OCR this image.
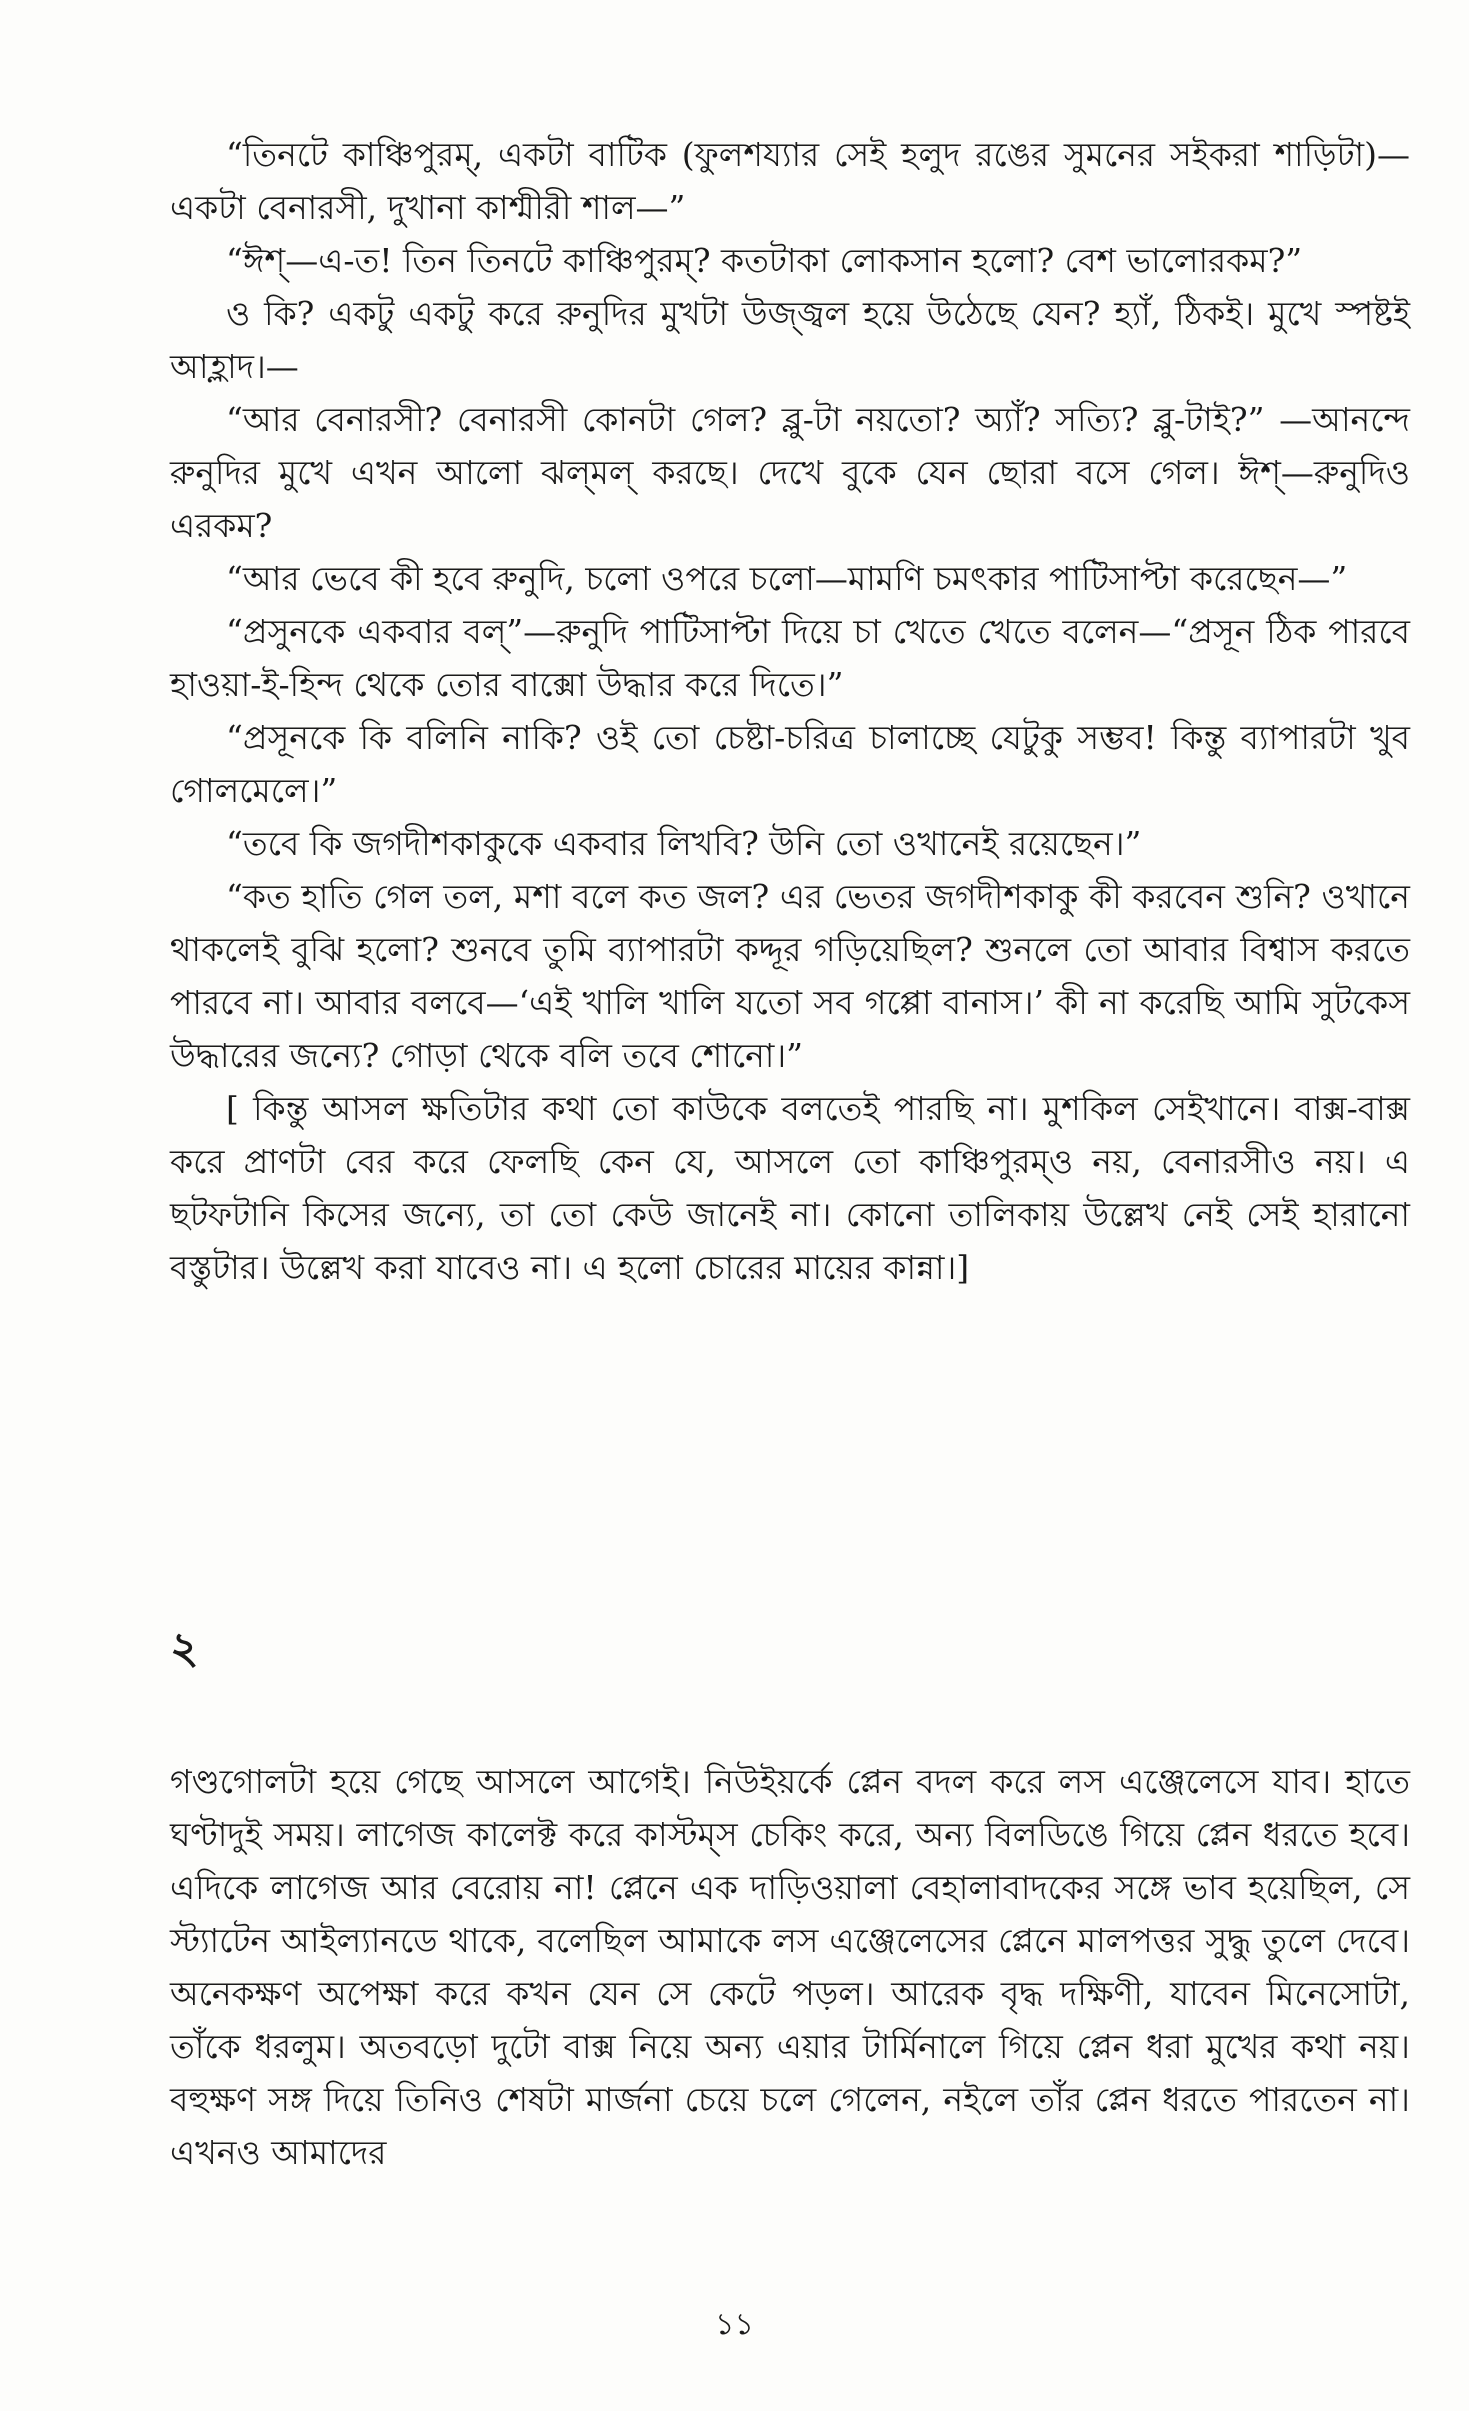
“তিনটে কাঞ্চিপুরম্‌, একটা বাটিক (ফুলশয্যার সেই হলুদ রঙের সুমনের সইকরা শাড়িটা)— একটা বেনারসী, দুখানা কাশ্মীরী শাল—”

“ঈশ্‌—এ-ত! তিন তিনটে কাঞ্চিপুরম্‌? কতটাকা লোকসান হলো? বেশ ভালোরকম?”

ও কি? একটু একটু করে রুনুদির মুখটা উজ্জ্বল হয়ে উঠেছে যেন? হ্যাঁ, ঠিকই। মুখে স্পষ্টই আহ্লাদ।—

“আর বেনারসী? বেনারসী কোনটা গেল? ব্লু-টা নয়তো? অ্যাঁ? সত্যি? ব্লু-টাই?” —আনন্দে রুনুদির মুখে এখন আলো ঝল্‌মল্‌ করছে। দেখে বুকে যেন ছোরা বসে গেল। ঈশ্‌—রুনুদিও এরকম?

“আর ভেবে কী হবে রুনুদি, চলো ওপরে চলো—মামণি চমৎকার পাটিসাপ্টা করেছেন—”

“প্রসুনকে একবার বল্‌”—রুনুদি পাটিসাপ্টা দিয়ে চা খেতে খেতে বলেন—“প্রসূন ঠিক পারবে হাওয়া-ই-হিন্দ থেকে তোর বাক্সো উদ্ধার করে দিতে।”

“প্রসূনকে কি বলিনি নাকি? ওই তো চেষ্টা-চরিত্র চালাচ্ছে যেটুকু সম্ভব! কিন্তু ব্যাপারটা খুব গোলমেলে।”

“তবে কি জগদীশকাকুকে একবার লিখবি? উনি তো ওখানেই রয়েছেন।”

“কত হাতি গেল তল, মশা বলে কত জল? এর ভেতর জগদীশকাকু কী করবেন শুনি? ওখানে থাকলেই বুঝি হলো? শুনবে তুমি ব্যাপারটা কদ্দূর গড়িয়েছিল? শুনলে তো আবার বিশ্বাস করতে পারবে না। আবার বলবে—‘এই খালি খালি যতো সব গপ্পো বানাস।’ কী না করেছি আমি সুটকেস উদ্ধারের জন্যে? গোড়া থেকে বলি তবে শোনো।”

[ কিন্তু আসল ক্ষতিটার কথা তো কাউকে বলতেই পারছি না। মুশকিল সেইখানে। বাক্স-বাক্স করে প্রাণটা বের করে ফেলছি কেন যে, আসলে তো কাঞ্চিপুরম্‌ও নয়, বেনারসীও নয়। এ ছটফটানি কিসের জন্যে, তা তো কেউ জানেই না। কোনো তালিকায় উল্লেখ নেই সেই হারানো বস্তুটার। উল্লেখ করা যাবেও না। এ হলো চোরের মায়ের কান্না।]

২

গণ্ডগোলটা হয়ে গেছে আসলে আগেই। নিউইয়র্কে প্লেন বদল করে লস এঞ্জেলেসে যাব। হাতে ঘণ্টাদুই সময়। লাগেজ কালেক্ট করে কাস্টম্‌স চেকিং করে, অন্য বিলডিঙে গিয়ে প্লেন ধরতে হবে। এদিকে লাগেজ আর বেরোয় না! প্লেনে এক দাড়িওয়ালা বেহালাবাদকের সঙ্গে ভাব হয়েছিল, সে স্ট্যাটেন আইল্যানডে থাকে, বলেছিল আমাকে লস এঞ্জেলেসের প্লেনে মালপত্তর সুদ্ধু তুলে দেবে। অনেকক্ষণ অপেক্ষা করে কখন যেন সে কেটে পড়ল। আরেক বৃদ্ধ দক্ষিণী, যাবেন মিনেসোটা, তাঁকে ধরলুম। অতবড়ো দুটো বাক্স নিয়ে অন্য এয়ার টার্মিনালে গিয়ে প্লেন ধরা মুখের কথা নয়। বহুক্ষণ সঙ্গ দিয়ে তিনিও শেষটা মার্জনা চেয়ে চলে গেলেন, নইলে তাঁর প্লেন ধরতে পারতেন না। এখনও আমাদের

১১
